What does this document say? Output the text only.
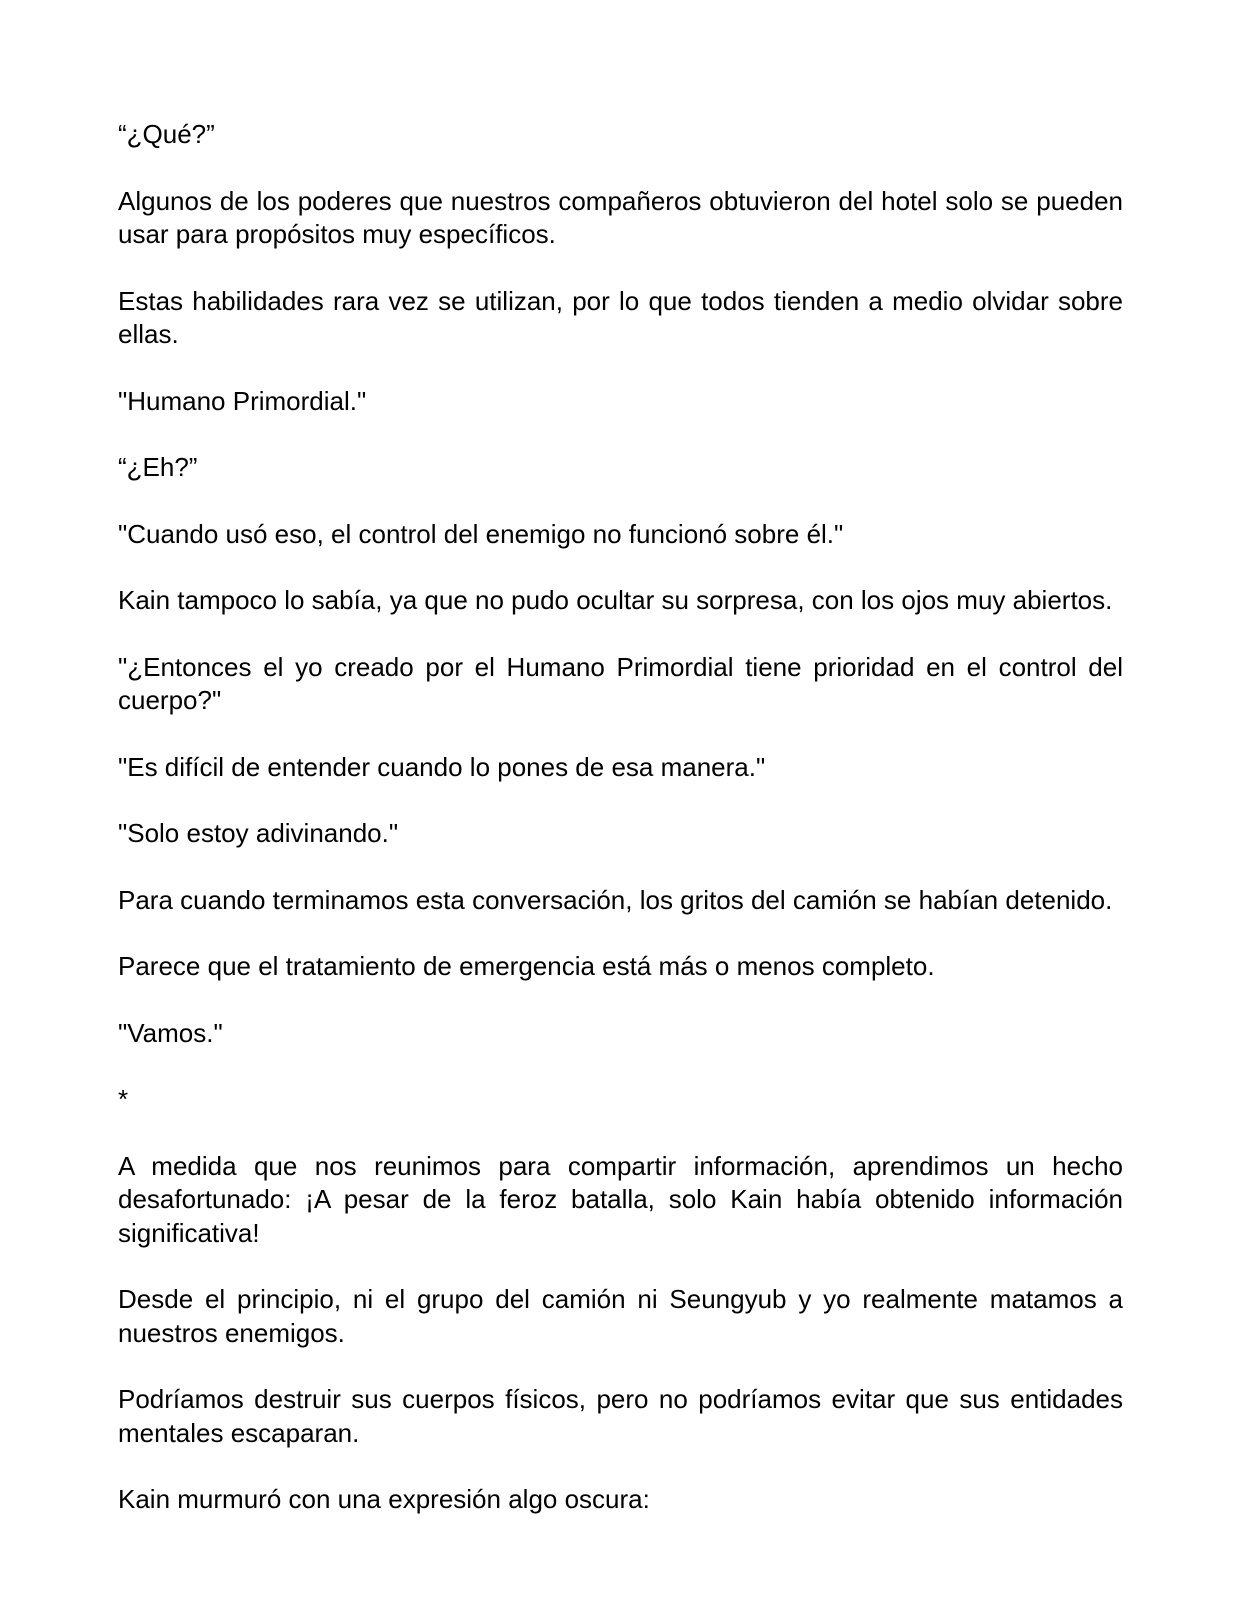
“¿Qué?”

Algunos de los poderes que nuestros compañeros obtuvieron del hotel solo se pueden usar para propósitos muy específicos.

Estas habilidades rara vez se utilizan, por lo que todos tienden a medio olvidar sobre ellas.

"Humano Primordial."

“¿Eh?”

"Cuando usó eso, el control del enemigo no funcionó sobre él."

Kain tampoco lo sabía, ya que no pudo ocultar su sorpresa, con los ojos muy abiertos.

"¿Entonces el yo creado por el Humano Primordial tiene prioridad en el control del cuerpo?"

"Es difícil de entender cuando lo pones de esa manera."

"Solo estoy adivinando."

Para cuando terminamos esta conversación, los gritos del camión se habían detenido.

Parece que el tratamiento de emergencia está más o menos completo.

"Vamos."

*

A medida que nos reunimos para compartir información, aprendimos un hecho desafortunado: ¡A pesar de la feroz batalla, solo Kain había obtenido información significativa!

Desde el principio, ni el grupo del camión ni Seungyub y yo realmente matamos a nuestros enemigos.

Podríamos destruir sus cuerpos físicos, pero no podríamos evitar que sus entidades mentales escaparan.

Kain murmuró con una expresión algo oscura:
